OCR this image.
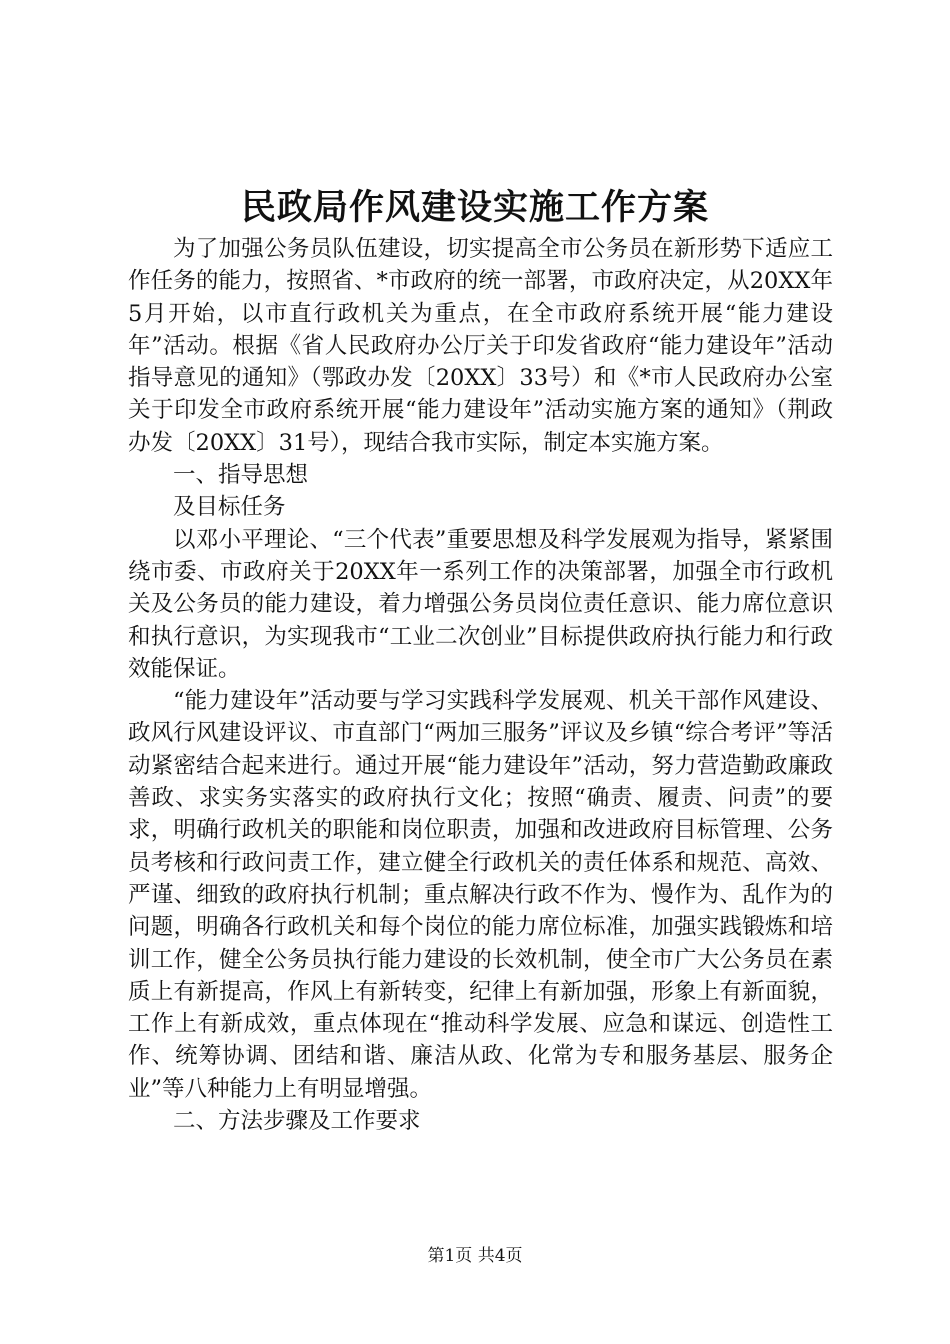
民政局作风建设实施工作方案

为了加强公务员队伍建设，切实提高全市公务员在新形势下适应工作任务的能力，按照省、*市政府的统一部署，市政府决定，从20XX年5月开始，以市直行政机关为重点，在全市政府系统开展“能力建设年”活动。根据《省人民政府办公厅关于印发省政府“能力建设年”活动指导意见的通知》（鄂政办发〔20XX〕33号）和《*市人民政府办公室关于印发全市政府系统开展“能力建设年”活动实施方案的通知》（荆政办发〔20XX〕31号），现结合我市实际，制定本实施方案。

一、指导思想

及目标任务

以邓小平理论、“三个代表”重要思想及科学发展观为指导，紧紧围绕市委、市政府关于20XX年一系列工作的决策部署，加强全市行政机关及公务员的能力建设，着力增强公务员岗位责任意识、能力席位意识和执行意识，为实现我市“工业二次创业”目标提供政府执行能力和行政效能保证。

“能力建设年”活动要与学习实践科学发展观、机关干部作风建设、政风行风建设评议、市直部门“两加三服务”评议及乡镇“综合考评”等活动紧密结合起来进行。通过开展“能力建设年”活动，努力营造勤政廉政善政、求实务实落实的政府执行文化；按照“确责、履责、问责”的要求，明确行政机关的职能和岗位职责，加强和改进政府目标管理、公务员考核和行政问责工作，建立健全行政机关的责任体系和规范、高效、严谨、细致的政府执行机制；重点解决行政不作为、慢作为、乱作为的问题，明确各行政机关和每个岗位的能力席位标准，加强实践锻炼和培训工作，健全公务员执行能力建设的长效机制，使全市广大公务员在素质上有新提高，作风上有新转变，纪律上有新加强，形象上有新面貌，工作上有新成效，重点体现在“推动科学发展、应急和谋远、创造性工作、统筹协调、团结和谐、廉洁从政、化常为专和服务基层、服务企业”等八种能力上有明显增强。

二、方法步骤及工作要求

第1页 共4页
